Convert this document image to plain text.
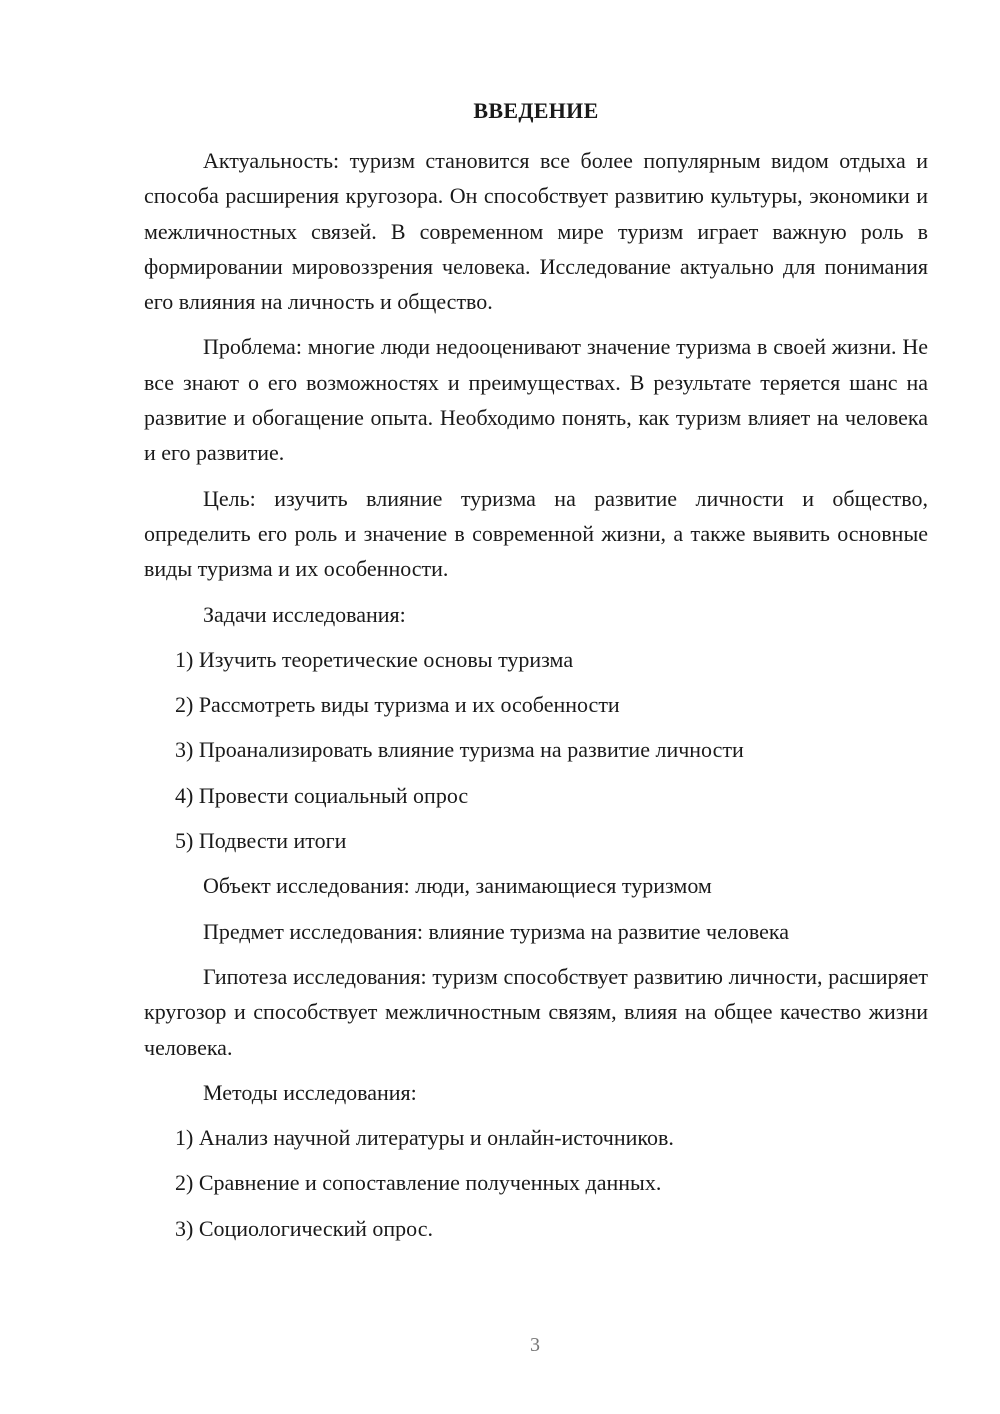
ВВЕДЕНИЕ

Актуальность: туризм становится все более популярным видом отдыха и способа расширения кругозора. Он способствует развитию культуры, экономики и межличностных связей. В современном мире туризм играет важную роль в формировании мировоззрения человека. Исследование актуально для понимания его влияния на личность и общество.

Проблема: многие люди недооценивают значение туризма в своей жизни. Не все знают о его возможностях и преимуществах. В результате теряется шанс на развитие и обогащение опыта. Необходимо понять, как туризм влияет на человека и его развитие.

Цель: изучить влияние туризма на развитие личности и общество, определить его роль и значение в современной жизни, а также выявить основные виды туризма и их особенности.

Задачи исследования:
1) Изучить теоретические основы туризма
2) Рассмотреть виды туризма и их особенности
3) Проанализировать влияние туризма на развитие личности
4) Провести социальный опрос
5) Подвести итоги
Объект исследования: люди, занимающиеся туризмом
Предмет исследования: влияние туризма на развитие человека

Гипотеза исследования: туризм способствует развитию личности, расширяет кругозор и способствует межличностным связям, влияя на общее качество жизни человека.

Методы исследования:
1) Анализ научной литературы и онлайн-источников.
2) Сравнение и сопоставление полученных данных.
3) Социологический опрос.
3
